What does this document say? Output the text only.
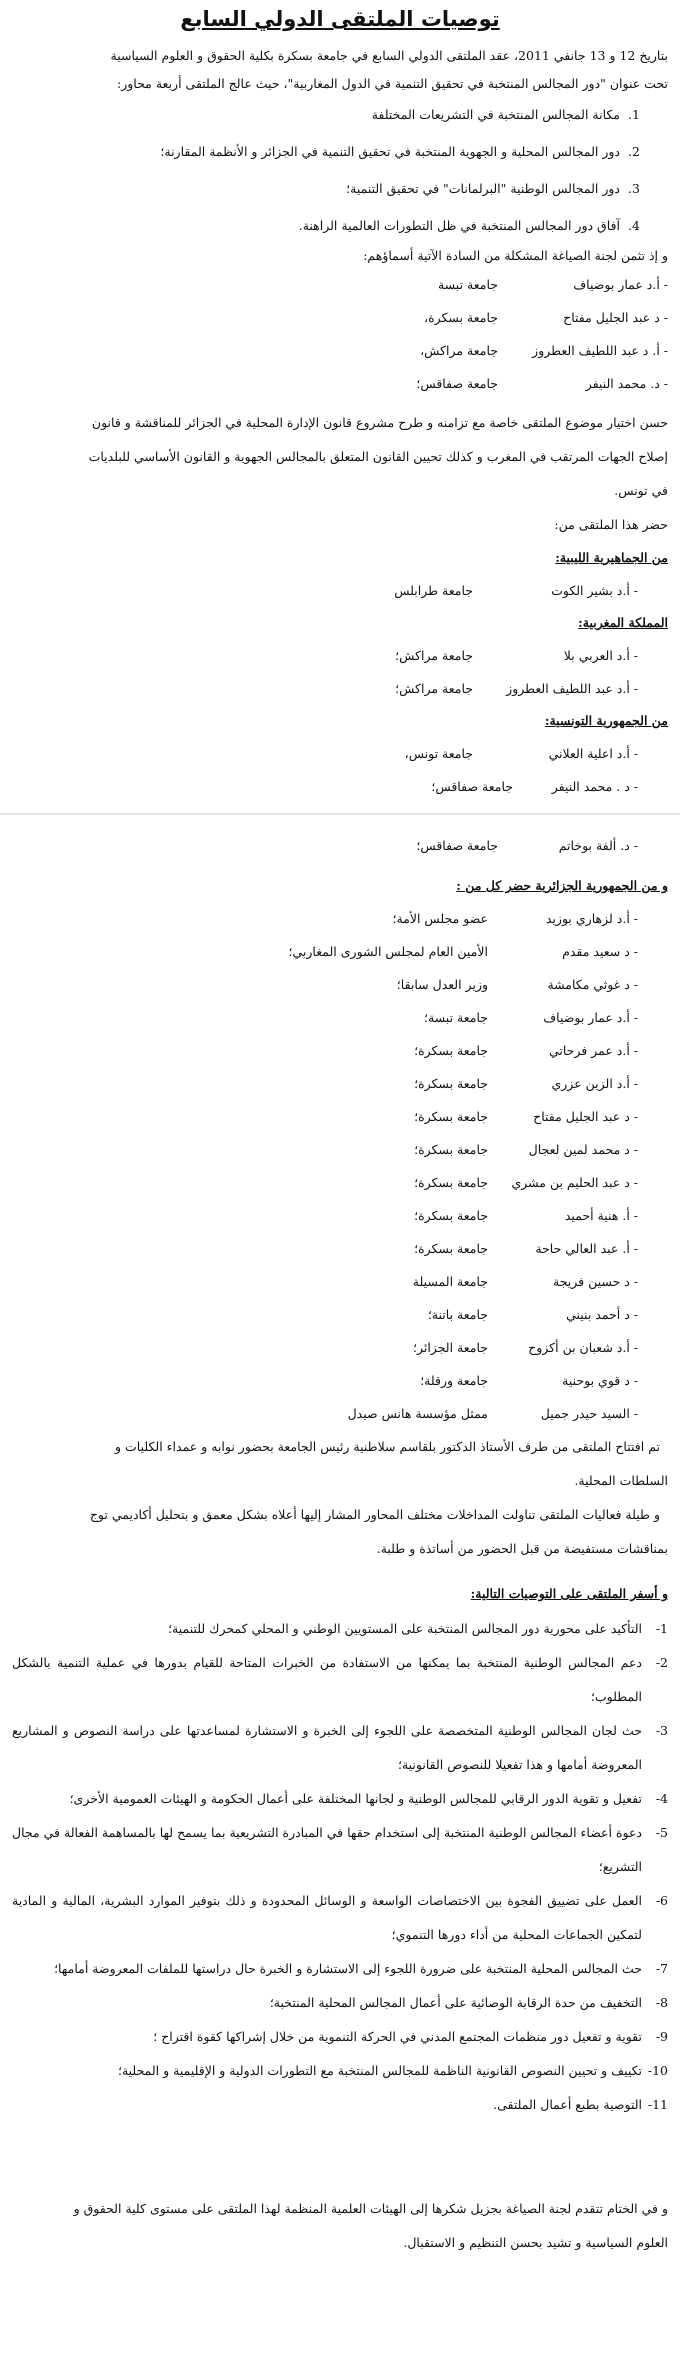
توصيات الملتقى الدولي السابع

بتاريخ 12 و 13 جانفي 2011، عقد الملتقى الدولي السابع في جامعة بسكرة بكلية الحقوق و العلوم السياسية

تحت عنوان "دور المجالس المنتخبة في تحقيق التنمية في الدول المغاربية"، حيث عالج الملتقى أربعة محاور:

1.
مكانة المجالس المنتخبة في التشريعات المختلفة
2.
دور المجالس المحلية و الجهوية المنتخبة في تحقيق التنمية في الجزائر و الأنظمة المقارنة؛
3.
دور المجالس الوطنية "البرلمانات" في تحقيق التنمية؛
4.
آفاق دور المجالس المنتخبة في ظل التطورات العالمية الراهنة.

و إذ تثمن لجنة الصياغة المشكلة من السادة الآتية أسماؤهم:

- أ.د عمار بوضياف
جامعة تبسة
- د عبد الجليل مفتاح
جامعة بسكرة،
- أ. د عبد اللطيف العطروز
جامعة مراكش،
- د. محمد النيفر
جامعة صفاقس؛

حسن اختيار موضوع الملتقى خاصة مع تزامنه و طرح مشروع قانون الإدارة المحلية في الجزائر للمناقشة و قانون

إصلاح الجهات المرتقب في المغرب و كذلك تحيين القانون المتعلق بالمجالس الجهوية و القانون الأساسي للبلديات

في تونس.

حضر هذا الملتقى من:

من الجماهيرية الليبية:
- أ.د بشير الكوت
جامعة طرابلس
المملكة المغربية:
- أ.د العربي بلا
جامعة مراكش؛
- أ.د عبد اللطيف العطروز
جامعة مراكش؛
من الجمهورية التونسية:
- أ.د اعلية العلاني
جامعة تونس،
- د . محمد النيفر
جامعة صفاقس؛
- د. ألفة بوخاتم
جامعة صفاقس؛
و من الجمهورية الجزائرية حضر كل من :
- أ.د لزهاري بوزيد
عضو مجلس الأمة؛
- د سعيد مقدم
الأمين العام لمجلس الشورى المغاربي؛
- د غوثي مكامشة
وزير العدل سابقا؛
- أ.د عمار بوضياف
جامعة تبسة؛
- أ.د عمر فرحاتي
جامعة بسكرة؛
- أ.د الزين عزري
جامعة بسكرة؛
- د عبد الجليل مفتاح
جامعة بسكرة؛
- د محمد لمين لعجال
جامعة بسكرة؛
- د عبد الحليم بن مشري
جامعة بسكرة؛
- أ. هنية أحميد
جامعة بسكرة؛
- أ. عبد العالي حاحة
جامعة بسكرة؛
- د حسين فريجة
جامعة المسيلة
- د أحمد بنيني
جامعة باتنة؛
- أ.د شعبان بن أكزوح
جامعة الجزائر؛
- د قوي بوحنية
جامعة ورقلة؛
- السيد حيدر جميل
ممثل مؤسسة هانس صيدل

تم افتتاح الملتقى من طرف الأستاذ الدكتور بلقاسم سلاطنية رئيس الجامعة بحضور نوابه و عمداء الكليات و

السلطات المحلية.

و طيلة فعاليات الملتقى تناولت المداخلات مختلف المحاور المشار إليها أعلاه بشكل معمق و بتحليل أكاديمي توج

بمناقشات مستفيضة من قبل الحضور من أساتذة و طلبة.

و أسفر الملتقى على التوصيات التالية:
1-
التأكيد على محورية دور المجالس المنتخبة على المستويين الوطني و المحلي كمحرك للتنمية؛
2-
دعم المجالس الوطنية المنتخبة بما يمكنها من الاستفادة من الخبرات المتاحة للقيام بدورها في عملية التنمية بالشكل المطلوب؛
3-
حث لجان المجالس الوطنية المتخصصة على اللجوء إلى الخبرة و الاستشارة لمساعدتها على دراسة النصوص و المشاريع المعروضة أمامها و هذا تفعيلا للنصوص القانونية؛
4-
تفعيل و تقوية الدور الرقابي للمجالس الوطنية و لجانها المختلفة على أعمال الحكومة و الهيئات العمومية الأخرى؛
5-
دعوة أعضاء المجالس الوطنية المنتخبة إلى استخدام حقها في المبادرة التشريعية بما يسمح لها بالمساهمة الفعالة في مجال التشريع؛
6-
العمل على تضييق الفجوة بين الاختصاصات الواسعة و الوسائل المحدودة و ذلك بتوفير الموارد البشرية، المالية و المادية لتمكين الجماعات المحلية من أداء دورها التنموي؛
7-
حث المجالس المحلية المنتخبة على ضرورة اللجوء إلى الاستشارة و الخبرة حال دراستها للملفات المعروضة أمامها؛
8-
التخفيف من حدة الرقابة الوصائية على أعمال المجالس المحلية المنتخبة؛
9-
تقوية و تفعيل دور منظمات المجتمع المدني في الحركة التنموية من خلال إشراكها كقوة اقتراح ؛
10-
تكييف و تحيين النصوص القانونية الناظمة للمجالس المنتخبة مع التطورات الدولية و الإقليمية و المحلية؛
11-
التوصية بطبع أعمال الملتقى.

و في الختام تتقدم لجنة الصياغة بجزيل شكرها إلى الهيئات العلمية المنظمة لهذا الملتقى على مستوى كلية الحقوق و

العلوم السياسية و تشيد بحسن التنظيم و الاستقبال.
